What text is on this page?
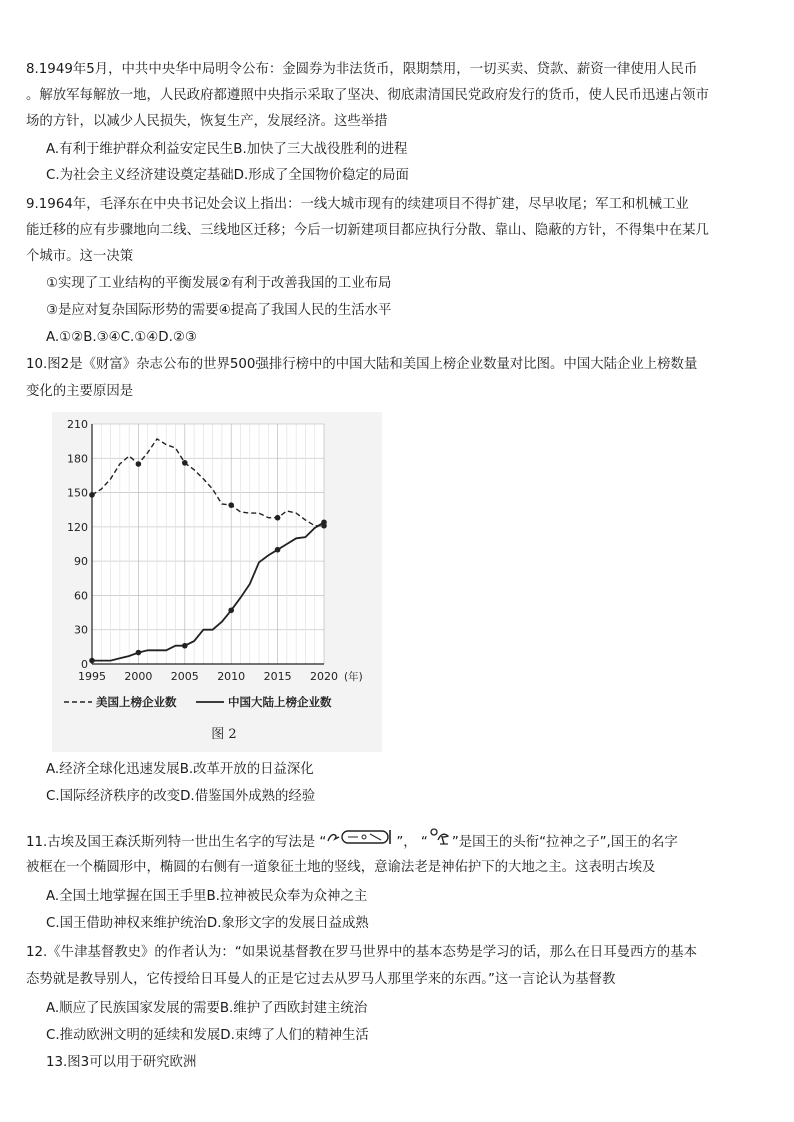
8.1949年5月，中共中央华中局明令公布：金圆券为非法货币，限期禁用，一切买卖、贷款、薪资一律使用人民币
。解放军每解放一地，人民政府都遵照中央指示采取了坚决、彻底肃清国民党政府发行的货币，使人民币迅速占领市
场的方针，以减少人民损失，恢复生产，发展经济。这些举措
A.有利于维护群众利益安定民生B.加快了三大战役胜利的进程
C.为社会主义经济建设奠定基础D.形成了全国物价稳定的局面
9.1964年，毛泽东在中央书记处会议上指出：一线大城市现有的续建项目不得扩建，尽早收尾；军工和机械工业
能迁移的应有步骤地向二线、三线地区迁移；今后一切新建项目都应执行分散、靠山、隐蔽的方针，不得集中在某几
个城市。这一决策
①实现了工业结构的平衡发展②有利于改善我国的工业布局
③是应对复杂国际形势的需要④提高了我国人民的生活水平
A.①②B.③④C.①④D.②③
10.图2是《财富》杂志公布的世界500强排行榜中的中国大陆和美国上榜企业数量对比图。中国大陆企业上榜数量
变化的主要原因是
0
30
60
90
120
150
180
210
1995 2000 2005 2010 2015 2020 (年)
美国上榜企业数	中国大陆上榜企业数
图 2
A.经济全球化迅速发展B.改革开放的日益深化
C.国际经济秩序的改变D.借鉴国外成熟的经验
11.古埃及国王森沃斯列特一世出生名字的写法是 “	”， “ ”是国王的头衔“拉神之子”,国王的名字
被框在一个椭圆形中，椭圆的右侧有一道象征土地的竖线，意谕法老是神佑护下的大地之主。这表明古埃及
A.全国土地掌握在国王手里B.拉神被民众奉为众神之主
C.国王借助神权来维护统治D.象形文字的发展日益成熟
12.《牛津基督教史》的作者认为：“如果说基督教在罗马世界中的基本态势是学习的话，那么在日耳曼西方的基本
态势就是教导别人，它传授给日耳曼人的正是它过去从罗马人那里学来的东西。”这一言论认为基督教
A.顺应了民族国家发展的需要B.维护了西欧封建主统治
C.推动欧洲文明的延续和发展D.束缚了人们的精神生活
13.图3可以用于研究欧洲
